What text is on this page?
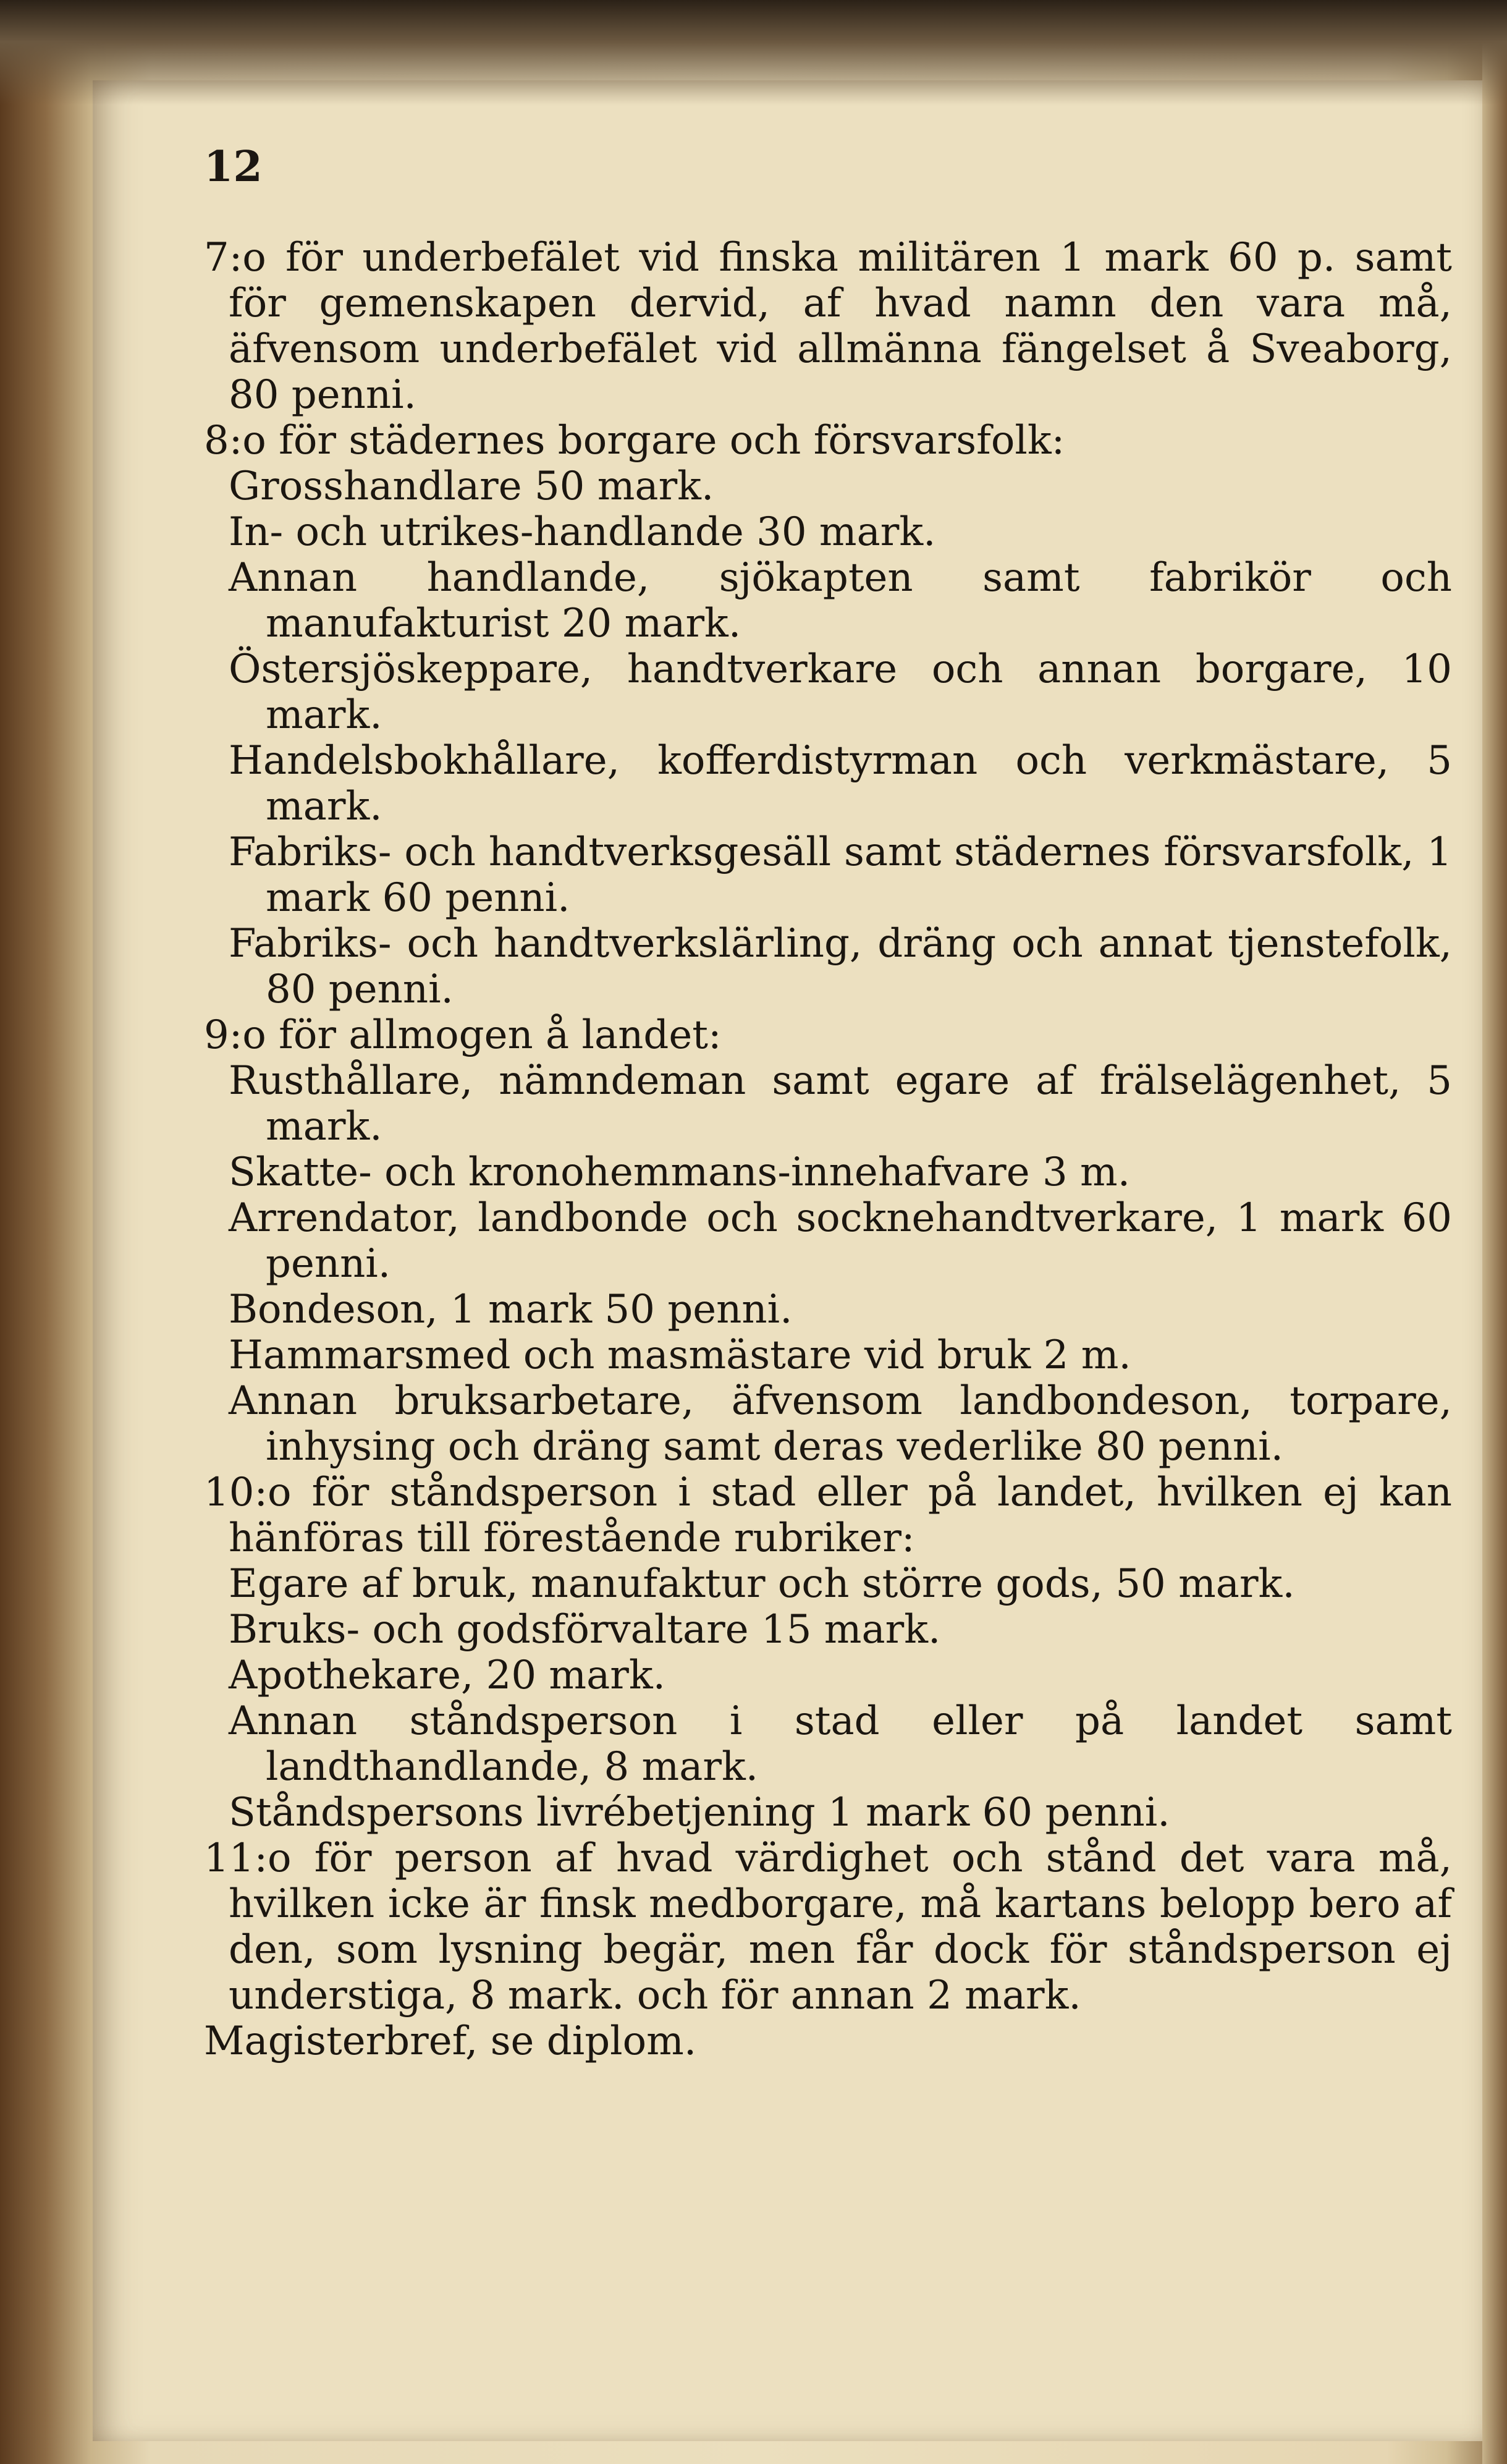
12

7:o för underbefälet vid finska militären 1 mark 60 p. samt för gemenskapen dervid, af hvad namn den vara må, äfvensom underbefälet vid allmänna fängelset å Sveaborg, 80 penni.

8:o för städernes borgare och försvarsfolk:

Grosshandlare 50 mark.

In- och utrikes-handlande 30 mark.

Annan handlande, sjökapten samt fabrikör och manufakturist 20 mark.

Östersjöskeppare, handtverkare och annan borgare, 10 mark.

Handelsbokhållare, kofferdistyrman och verkmästare, 5 mark.

Fabriks- och handtverksgesäll samt städernes försvarsfolk, 1 mark 60 penni.

Fabriks- och handtverkslärling, dräng och annat tjenstefolk, 80 penni.

9:o för allmogen å landet:

Rusthållare, nämndeman samt egare af frälselägenhet, 5 mark.

Skatte- och kronohemmans-innehafvare 3 m.

Arrendator, landbonde och socknehandtverkare, 1 mark 60 penni.

Bondeson, 1 mark 50 penni.

Hammarsmed och masmästare vid bruk 2 m.

Annan bruksarbetare, äfvensom landbondeson, torpare, inhysing och dräng samt deras vederlike 80 penni.

10:o för ståndsperson i stad eller på landet, hvilken ej kan hänföras till förestående rubriker:

Egare af bruk, manufaktur och större gods, 50 mark.

Bruks- och godsförvaltare 15 mark.

Apothekare, 20 mark.

Annan ståndsperson i stad eller på landet samt landthandlande, 8 mark.

Ståndspersons livrébetjening 1 mark 60 penni.

11:o för person af hvad värdighet och stånd det vara må, hvilken icke är finsk medborgare, må kartans belopp bero af den, som lysning begär, men får dock för ståndsperson ej understiga, 8 mark. och för annan 2 mark.

Magisterbref, se diplom.
